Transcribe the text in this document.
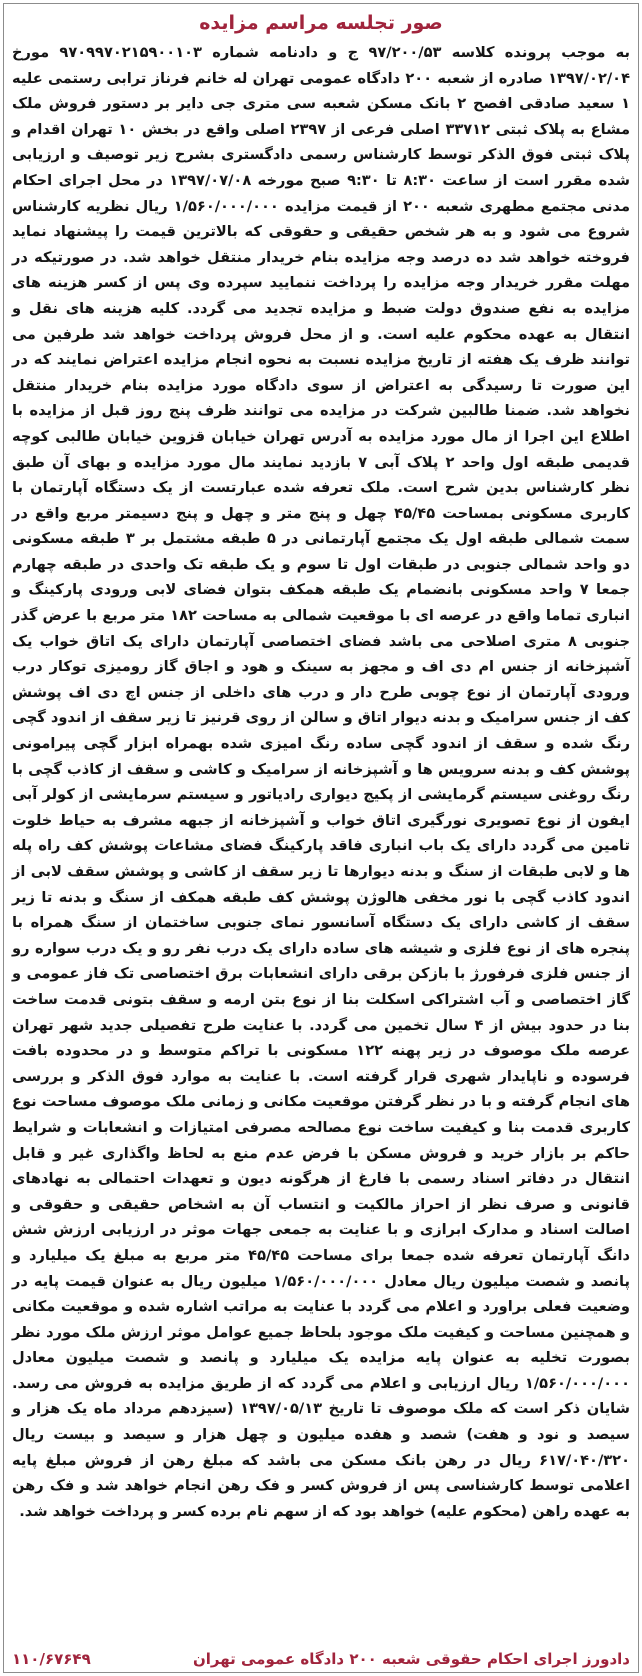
صور تجلسه مراسم مزایده
به موجب پرونده کلاسه ۹۷/۲۰۰/۵۳ ج و دادنامه شماره ۹۷۰۹۹۷۰۲۱۵۹۰۰۱۰۳ مورخ ۱۳۹۷/۰۲/۰۴ صادره از شعبه ۲۰۰ دادگاه عمومی تهران له خانم فرناز ترابی رستمی علیه ۱ سعید صادقی افصح ۲ بانک مسکن شعبه سی متری جی دایر بر دستور فروش ملک مشاع به پلاک ثبتی ۳۳۷۱۲ اصلی فرعی از ۲۳۹۷ اصلی واقع در بخش ۱۰ تهران اقدام و پلاک ثبتی فوق الذکر توسط کارشناس رسمی دادگستری بشرح زیر توصیف و ارزیابی شده مقرر است از ساعت ۸:۳۰ تا ۹:۳۰ صبح مورخه ۱۳۹۷/۰۷/۰۸ در محل اجرای احکام مدنی مجتمع مطهری شعبه ۲۰۰ از قیمت مزایده ۱/۵۶۰/۰۰۰/۰۰۰ ریال نظریه کارشناس شروع می شود و به هر شخص حقیقی و حقوقی که بالاترین قیمت را پیشنهاد نماید فروخته خواهد شد ده درصد وجه مزایده بنام خریدار منتقل خواهد شد. در صورتیکه در مهلت مقرر خریدار وجه مزایده را پرداخت ننمایید سپرده وی پس از کسر هزینه های مزایده به نفع صندوق دولت ضبط و مزایده تجدید می گردد. کلیه هزینه های نقل و انتقال به عهده محکوم علیه است. و از محل فروش پرداخت خواهد شد طرفین می توانند ظرف یک هفته از تاریخ مزایده نسبت به نحوه انجام مزایده اعتراض نمایند که در این صورت تا رسیدگی به اعتراض از سوی دادگاه مورد مزایده بنام خریدار منتقل نخواهد شد. ضمنا طالبین شرکت در مزایده می توانند ظرف پنج روز قبل از مزایده با اطلاع این اجرا از مال مورد مزایده به آدرس تهران خیابان قزوین خیابان طالبی کوچه قدیمی طبقه اول واحد ۲ پلاک آبی ۷ بازدید نمایند مال مورد مزایده و بهای آن طبق نظر کارشناس بدین شرح است. ملک تعرفه شده عبارتست از یک دستگاه آپارتمان با کاربری مسکونی بمساحت ۴۵/۴۵ چهل و پنج متر و چهل و پنج دسیمتر مربع واقع در سمت شمالی طبقه اول یک مجتمع آپارتمانی در ۵ طبقه مشتمل بر ۳ طبقه مسکونی دو واحد شمالی جنوبی در طبقات اول تا سوم و یک طبقه تک واحدی در طبقه چهارم جمعا ۷ واحد مسکونی بانضمام یک طبقه همکف بتوان فضای لابی ورودی پارکینگ و انباری تماما واقع در عرصه ای با موقعیت شمالی به مساحت ۱۸۲ متر مربع با عرض گذر جنوبی ۸ متری اصلاحی می باشد فضای اختصاصی آپارتمان دارای یک اتاق خواب یک آشپزخانه از جنس ام دی اف و مجهز به سینک و هود و اجاق گاز رومیزی توکار درب ورودی آپارتمان از نوع چوبی طرح دار و درب های داخلی از جنس اچ دی اف پوشش کف از جنس سرامیک و بدنه دیوار اتاق و سالن از روی قرنیز تا زیر سقف از اندود گچی رنگ شده و سقف از اندود گچی ساده رنگ امیزی شده بهمراه ابزار گچی پیرامونی پوشش کف و بدنه سرویس ها و آشپزخانه از سرامیک و کاشی و سقف از کاذب گچی با رنگ روغنی سیستم گرمایشی از پکیج دیواری رادیاتور و سیستم سرمایشی از کولر آبی ایفون از نوع تصویری نورگیری اتاق خواب و آشپزخانه از جبهه مشرف به حیاط خلوت تامین می گردد دارای یک باب انباری فاقد پارکینگ فضای مشاعات پوشش کف راه پله ها و لابی طبقات از سنگ و بدنه دیوارها تا زیر سقف از کاشی و پوشش سقف لابی از اندود کاذب گچی با نور مخفی هالوژن پوشش کف طبقه همکف از سنگ و بدنه تا زیر سقف از کاشی دارای یک دستگاه آسانسور نمای جنوبی ساختمان از سنگ همراه با پنجره های از نوع فلزی و شیشه های ساده دارای یک درب نفر رو و یک درب سواره رو از جنس فلزی فرفورژ با بازکن برقی دارای انشعابات برق اختصاصی تک فاز عمومی و گاز اختصاصی و آب اشتراکی اسکلت بنا از نوع بتن ارمه و سقف بتونی قدمت ساخت بنا در حدود بیش از ۴ سال تخمین می گردد. با عنایت طرح تفصیلی جدید شهر تهران عرصه ملک موصوف در زیر پهنه ۱۲۲ مسکونی با تراکم متوسط و در محدوده بافت فرسوده و ناپایدار شهری قرار گرفته است. با عنایت به موارد فوق الذکر و بررسی های انجام گرفته و با در نظر گرفتن موقعیت مکانی و زمانی ملک موصوف مساحت نوع کاربری قدمت بنا و کیفیت ساخت نوع مصالحه مصرفی امتیازات و انشعابات و شرایط حاکم بر بازار خرید و فروش مسکن با فرض عدم منع به لحاظ واگذاری غیر و قابل انتقال در دفاتر اسناد رسمی با فارغ از هرگونه دیون و تعهدات احتمالی به نهادهای قانونی و صرف نظر از احراز مالکیت و انتساب آن به اشخاص حقیقی و حقوقی و اصالت اسناد و مدارک ابرازی و با عنایت به جمعی جهات موثر در ارزیابی ارزش شش دانگ آپارتمان تعرفه شده جمعا برای مساحت ۴۵/۴۵ متر مربع به مبلغ یک میلیارد و پانصد و شصت میلیون ریال معادل ۱/۵۶۰/۰۰۰/۰۰۰ میلیون ریال به عنوان قیمت پایه در وضعیت فعلی براورد و اعلام می گردد با عنایت به مراتب اشاره شده و موقعیت مکانی و همچنین مساحت و کیفیت ملک موجود بلحاظ جمیع عوامل موثر ارزش ملک مورد نظر بصورت تخلیه به عنوان پایه مزایده یک میلیارد و پانصد و شصت میلیون معادل ۱/۵۶۰/۰۰۰/۰۰۰ ریال ارزیابی و اعلام می گردد که از طریق مزایده به فروش می رسد. شایان ذکر است که ملک موصوف تا تاریخ ۱۳۹۷/۰۵/۱۳ (سیزدهم مرداد ماه یک هزار و سیصد و نود و هفت) شصد و هفده میلیون و چهل هزار و سیصد و بیست ریال ۶۱۷/۰۴۰/۳۲۰ ریال در رهن بانک مسکن می باشد که مبلغ رهن از فروش مبلغ پایه اعلامی توسط کارشناسی پس از فروش کسر و فک رهن انجام خواهد شد و فک رهن به عهده راهن (محکوم علیه) خواهد بود که از سهم نام برده کسر و پرداخت خواهد شد.
دادورز اجرای احکام حقوقی شعبه ۲۰۰ دادگاه عمومی تهران
۱۱۰/۶۷۶۴۹
